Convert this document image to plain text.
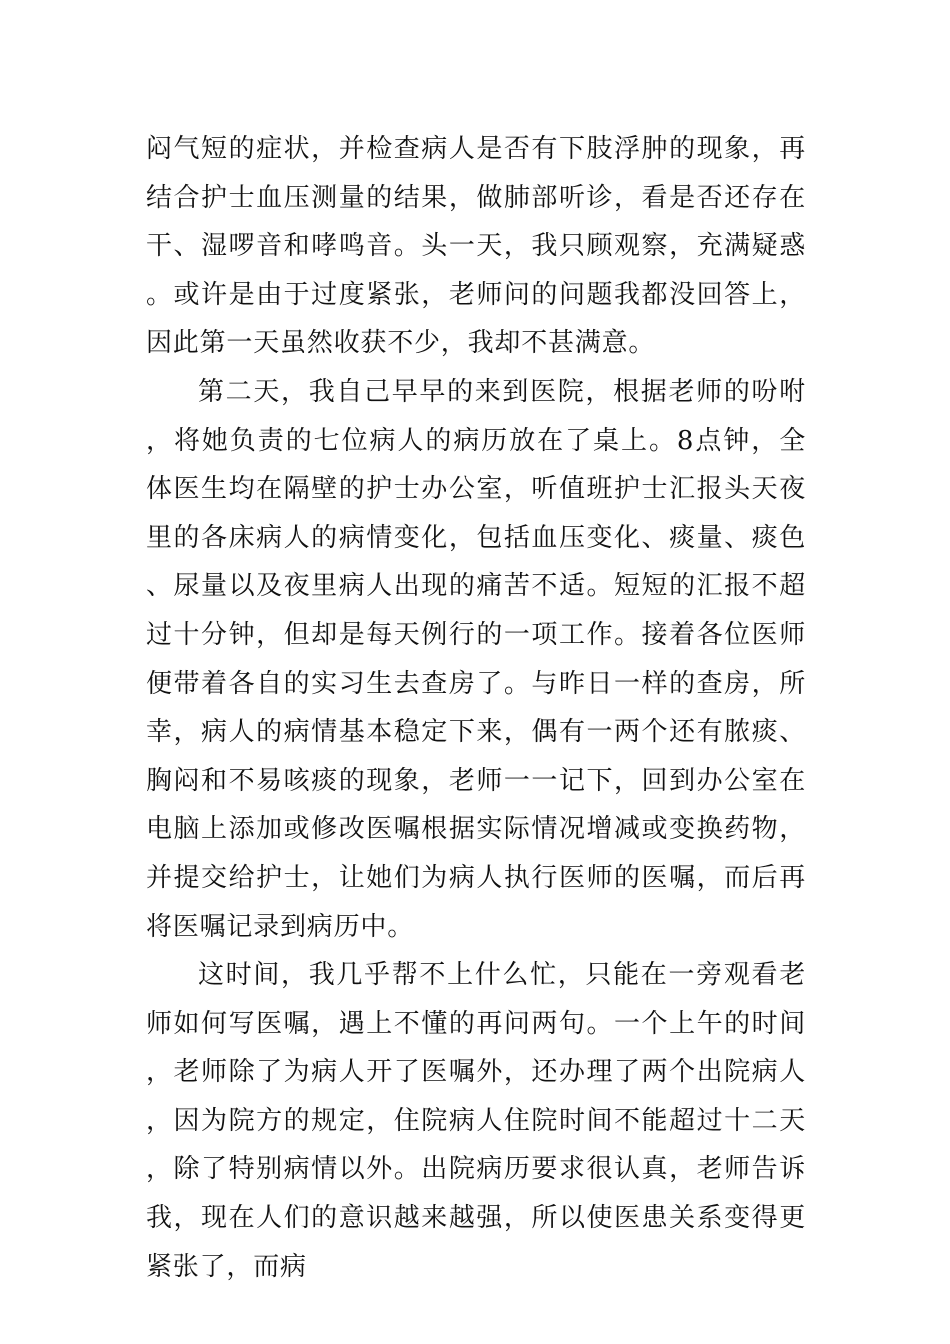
闷气短的症状，并检查病人是否有下肢浮肿的现象，再结合护士血压测量的结果，做肺部听诊，看是否还存在干、湿啰音和哮鸣音。头一天，我只顾观察，充满疑惑。或许是由于过度紧张，老师问的问题我都没回答上，因此第一天虽然收获不少，我却不甚满意。

第二天，我自己早早的来到医院，根据老师的吩咐，将她负责的七位病人的病历放在了桌上。8点钟，全体医生均在隔壁的护士办公室，听值班护士汇报头天夜里的各床病人的病情变化，包括血压变化、痰量、痰色、尿量以及夜里病人出现的痛苦不适。短短的汇报不超过十分钟，但却是每天例行的一项工作。接着各位医师便带着各自的实习生去查房了。与昨日一样的查房，所幸，病人的病情基本稳定下来，偶有一两个还有脓痰、胸闷和不易咳痰的现象，老师一一记下，回到办公室在电脑上添加或修改医嘱根据实际情况增减或变换药物，并提交给护士，让她们为病人执行医师的医嘱，而后再将医嘱记录到病历中。

这时间，我几乎帮不上什么忙，只能在一旁观看老师如何写医嘱，遇上不懂的再问两句。一个上午的时间，老师除了为病人开了医嘱外，还办理了两个出院病人，因为院方的规定，住院病人住院时间不能超过十二天，除了特别病情以外。出院病历要求很认真，老师告诉我，现在人们的意识越来越强，所以使医患关系变得更紧张了，而病
